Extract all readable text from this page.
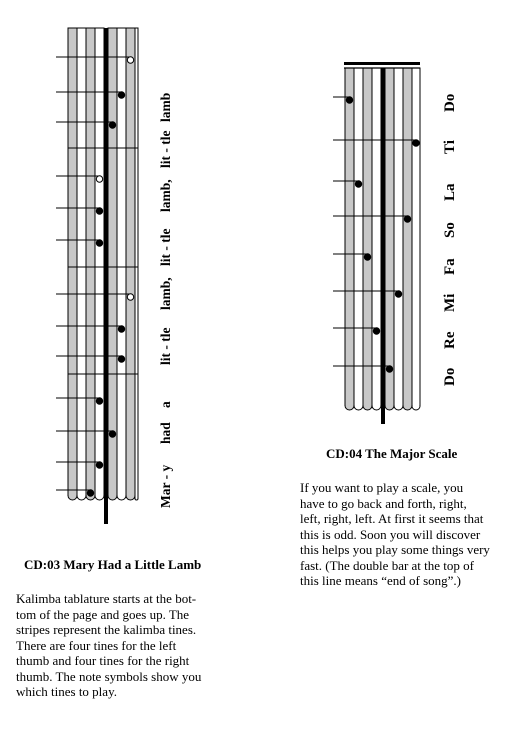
Mar - y
had
a
lit - tle
lamb,
lit - tle
lamb,
lit - tle
lamb
CD:03 Mary Had a Little Lamb
Kalimba tablature starts at the bot-
tom of the page and goes up. The
stripes represent the kalimba tines.
There are four tines for the left
thumb and four tines for the right
thumb. The note symbols show you
which tines to play.
Do
Re
Mi
Fa
So
La
Ti
Do
CD:04 The Major Scale
If you want to play a scale, you
have to go back and forth, right,
left, right, left. At first it seems that
this is odd. Soon you will discover
this helps you play some things very
fast. (The double bar at the top of
this line means “end of song”.)
